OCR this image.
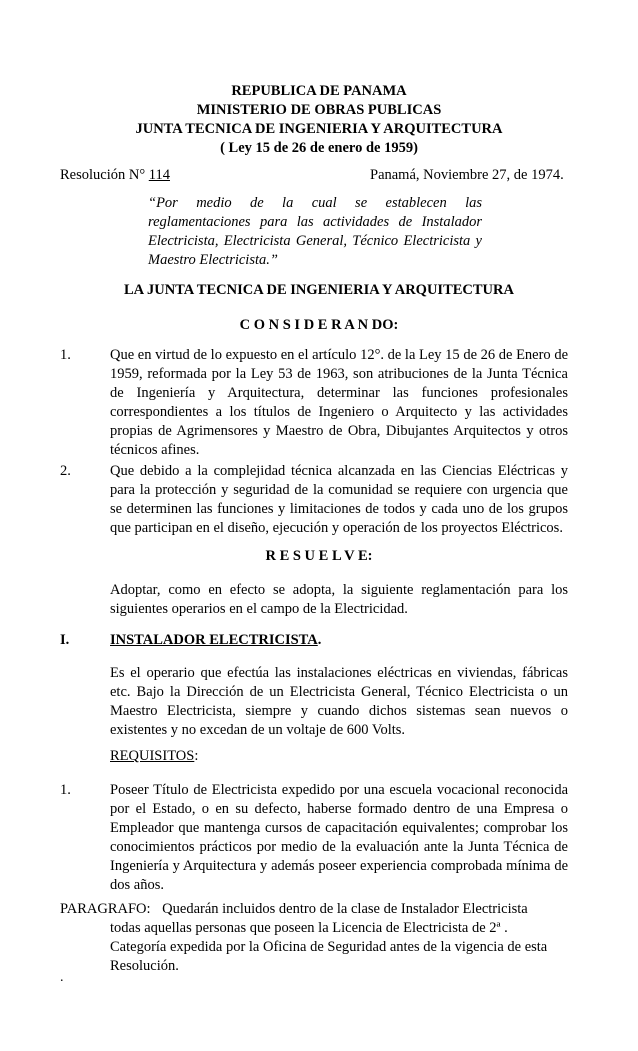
REPUBLICA DE PANAMA
MINISTERIO DE OBRAS PUBLICAS
JUNTA TECNICA DE INGENIERIA Y ARQUITECTURA
( Ley 15 de 26 de enero de 1959)
Resolución N° 114	Panamá, Noviembre 27, de 1974.
“Por medio de la cual se establecen las reglamentaciones para las actividades de Instalador Electricista, Electricista General, Técnico Electricista y Maestro Electricista.”
LA JUNTA TECNICA DE INGENIERIA Y ARQUITECTURA
C O N S I D E R A N DO:
1.	Que en virtud de lo expuesto en el artículo 12°. de la Ley 15 de 26 de Enero de 1959, reformada por la Ley 53 de 1963, son atribuciones de la Junta Técnica de Ingeniería y Arquitectura, determinar las funciones profesionales correspondientes a los títulos de Ingeniero o Arquitecto y las actividades propias de Agrimensores y Maestro de Obra, Dibujantes Arquitectos y otros técnicos afines.
2.	Que debido a la complejidad técnica alcanzada en las Ciencias Eléctricas y para la protección y seguridad de la comunidad se requiere con urgencia que se determinen las funciones y limitaciones de todos y cada uno de los grupos que participan en el diseño, ejecución y operación de los proyectos Eléctricos.
R E S U E L V E:
Adoptar, como en efecto se adopta, la siguiente reglamentación para los siguientes operarios en el campo de la Electricidad.
I.	INSTALADOR ELECTRICISTA.
Es el operario que efectúa las instalaciones eléctricas en viviendas, fábricas etc. Bajo la Dirección de un Electricista General, Técnico Electricista o un Maestro Electricista, siempre y cuando dichos sistemas sean nuevos o existentes y no excedan de un voltaje de 600 Volts.
REQUISITOS:
1.	Poseer Título de Electricista expedido por una escuela vocacional reconocida por el Estado, o en su defecto, haberse formado dentro de una Empresa o Empleador que mantenga cursos de capacitación equivalentes; comprobar los conocimientos prácticos por medio de la evaluación ante la Junta Técnica de Ingeniería y Arquitectura y además poseer experiencia comprobada mínima de dos años.
PARAGRAFO: Quedarán incluidos dentro de la clase de Instalador Electricista
todas aquellas personas que poseen la Licencia de Electricista de 2ª . Categoría expedida por la Oficina de Seguridad antes de la vigencia de esta Resolución.
.
